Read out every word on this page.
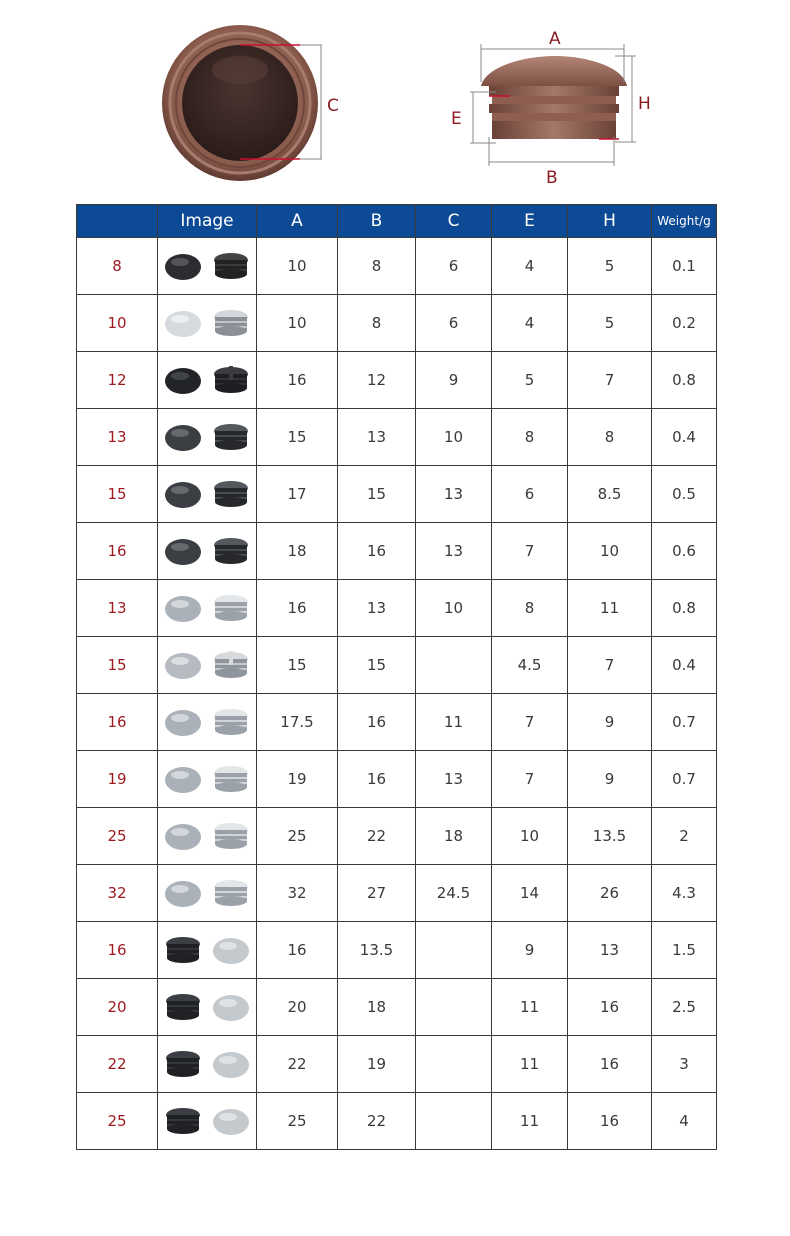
C
A
B
E
H
	Image	A	B	C	E	H	Weight/g
8		10	8	6	4	5	0.1
10		10	8	6	4	5	0.2
12		16	12	9	5	7	0.8
13		15	13	10	8	8	0.4
15		17	15	13	6	8.5	0.5
16		18	16	13	7	10	0.6
13		16	13	10	8	11	0.8
15		15	15		4.5	7	0.4
16		17.5	16	11	7	9	0.7
19		19	16	13	7	9	0.7
25		25	22	18	10	13.5	2
32		32	27	24.5	14	26	4.3
16		16	13.5		9	13	1.5
20		20	18		11	16	2.5
22		22	19		11	16	3
25		25	22		11	16	4
